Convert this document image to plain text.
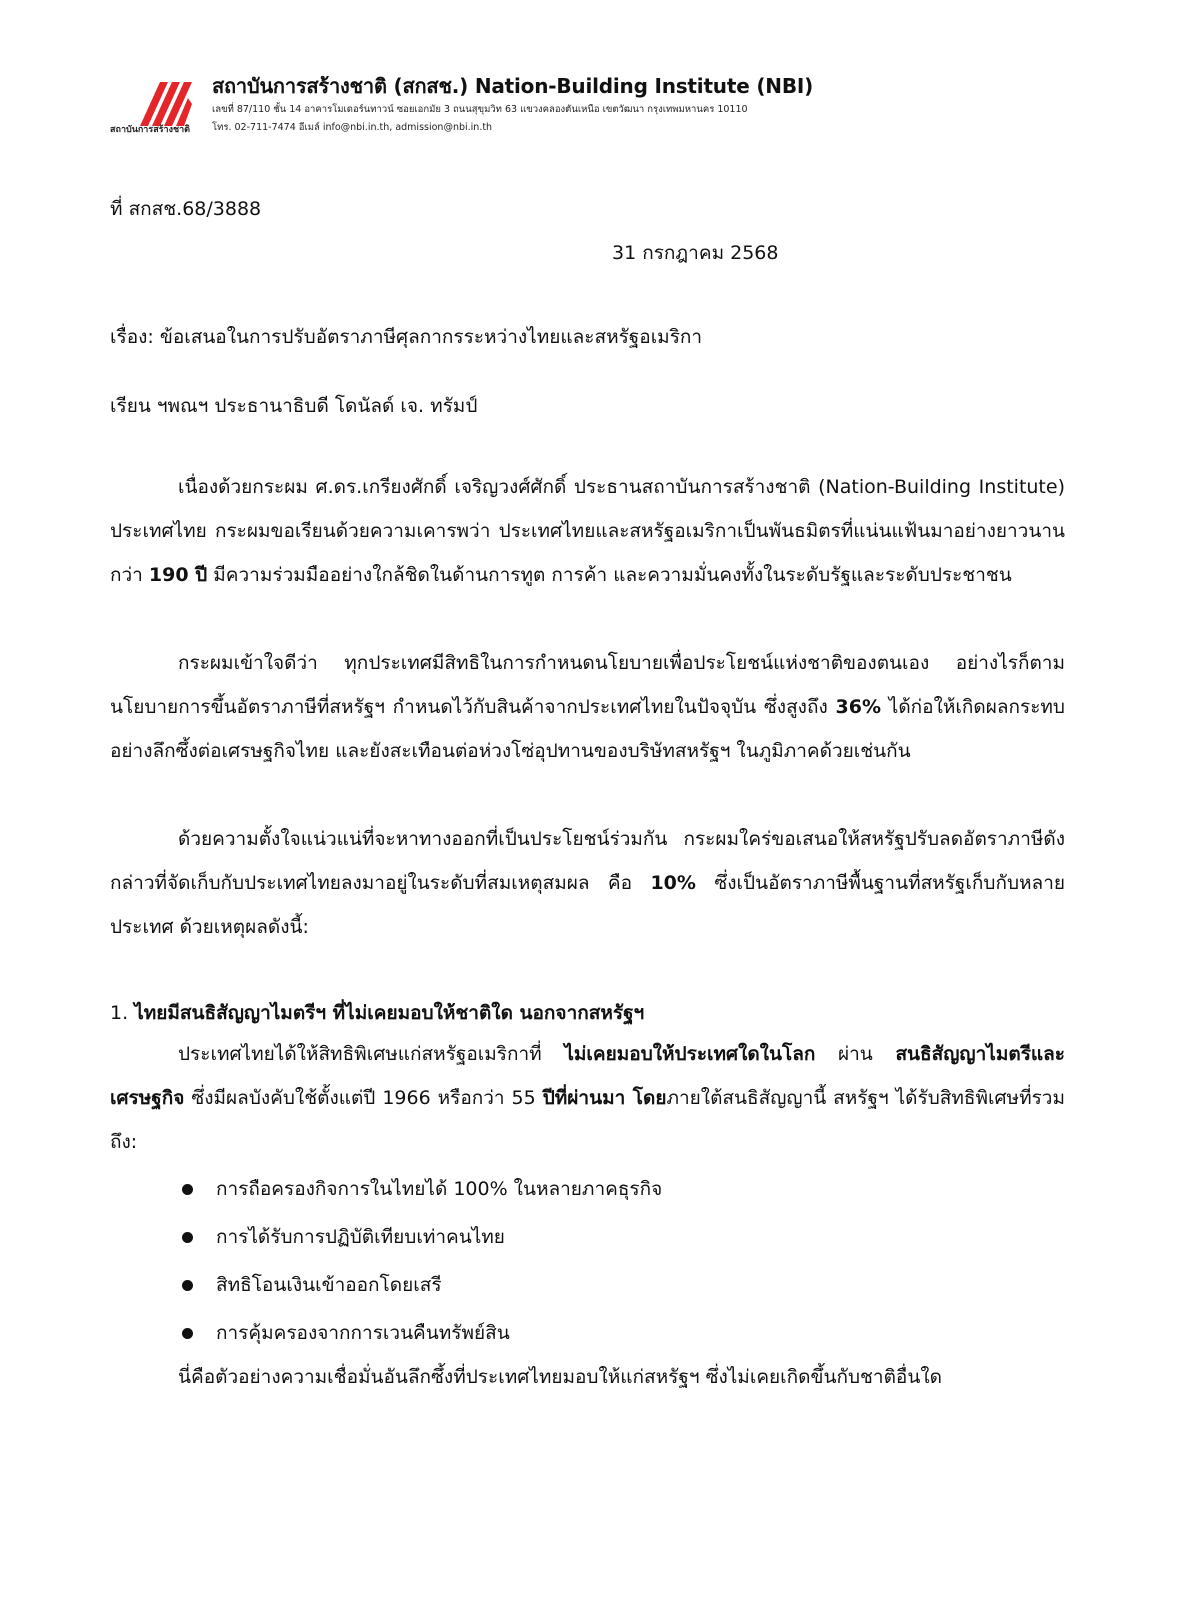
สถาบันการสร้างชาติ
สถาบันการสร้างชาติ (สกสช.) Nation-Building Institute (NBI)
เลขที่ 87/110 ชั้น 14 อาคารโมเดอร์นทาวน์ ซอยเอกมัย 3 ถนนสุขุมวิท 63 แขวงคลองตันเหนือ เขตวัฒนา กรุงเทพมหานคร 10110
โทร. 02-711-7474 อีเมล์ info@nbi.in.th, admission@nbi.in.th
ที่ สกสช.68/3888
31 กรกฎาคม 2568
เรื่อง: ข้อเสนอในการปรับอัตราภาษีศุลกากรระหว่างไทยและสหรัฐอเมริกา
เรียน ฯพณฯ ประธานาธิบดี โดนัลด์ เจ. ทรัมป์

เนื่องด้วยกระผม ศ.ดร.เกรียงศักดิ์ เจริญวงศ์ศักดิ์ ประธานสถาบันการสร้างชาติ (Nation-Building Institute) ประเทศไทย กระผมขอเรียนด้วยความเคารพว่า ประเทศไทยและสหรัฐอเมริกาเป็นพันธมิตรที่แน่นแฟ้นมาอย่างยาวนานกว่า 190 ปี มีความร่วมมืออย่างใกล้ชิดในด้านการทูต การค้า และความมั่นคงทั้งในระดับรัฐและระดับประชาชน

กระผมเข้าใจดีว่า ทุกประเทศมีสิทธิในการกำหนดนโยบายเพื่อประโยชน์แห่งชาติของตนเอง อย่างไรก็ตาม นโยบายการขึ้นอัตราภาษีที่สหรัฐฯ กำหนดไว้กับสินค้าจากประเทศไทยในปัจจุบัน ซึ่งสูงถึง 36% ได้ก่อให้เกิดผลกระทบอย่างลึกซึ้งต่อเศรษฐกิจไทย และยังสะเทือนต่อห่วงโซ่อุปทานของบริษัทสหรัฐฯ ในภูมิภาคด้วยเช่นกัน

ด้วยความตั้งใจแน่วแน่ที่จะหาทางออกที่เป็นประโยชน์ร่วมกัน กระผมใคร่ขอเสนอให้สหรัฐปรับลดอัตราภาษีดังกล่าวที่จัดเก็บกับประเทศไทยลงมาอยู่ในระดับที่สมเหตุสมผล คือ 10% ซึ่งเป็นอัตราภาษีพื้นฐานที่สหรัฐเก็บกับหลายประเทศ ด้วยเหตุผลดังนี้:

1. ไทยมีสนธิสัญญาไมตรีฯ ที่ไม่เคยมอบให้ชาติใด นอกจากสหรัฐฯ

ประเทศไทยได้ให้สิทธิพิเศษแก่สหรัฐอเมริกาที่ ไม่เคยมอบให้ประเทศใดในโลก ผ่าน สนธิสัญญาไมตรีและเศรษฐกิจ ซึ่งมีผลบังคับใช้ตั้งแต่ปี 1966 หรือกว่า 55 ปีที่ผ่านมา โดยภายใต้สนธิสัญญานี้ สหรัฐฯ ได้รับสิทธิพิเศษที่รวมถึง:

การถือครองกิจการในไทยได้ 100% ในหลายภาคธุรกิจ
การได้รับการปฏิบัติเทียบเท่าคนไทย
สิทธิโอนเงินเข้าออกโดยเสรี
การคุ้มครองจากการเวนคืนทรัพย์สิน
นี่คือตัวอย่างความเชื่อมั่นอันลึกซึ้งที่ประเทศไทยมอบให้แก่สหรัฐฯ ซึ่งไม่เคยเกิดขึ้นกับชาติอื่นใด
